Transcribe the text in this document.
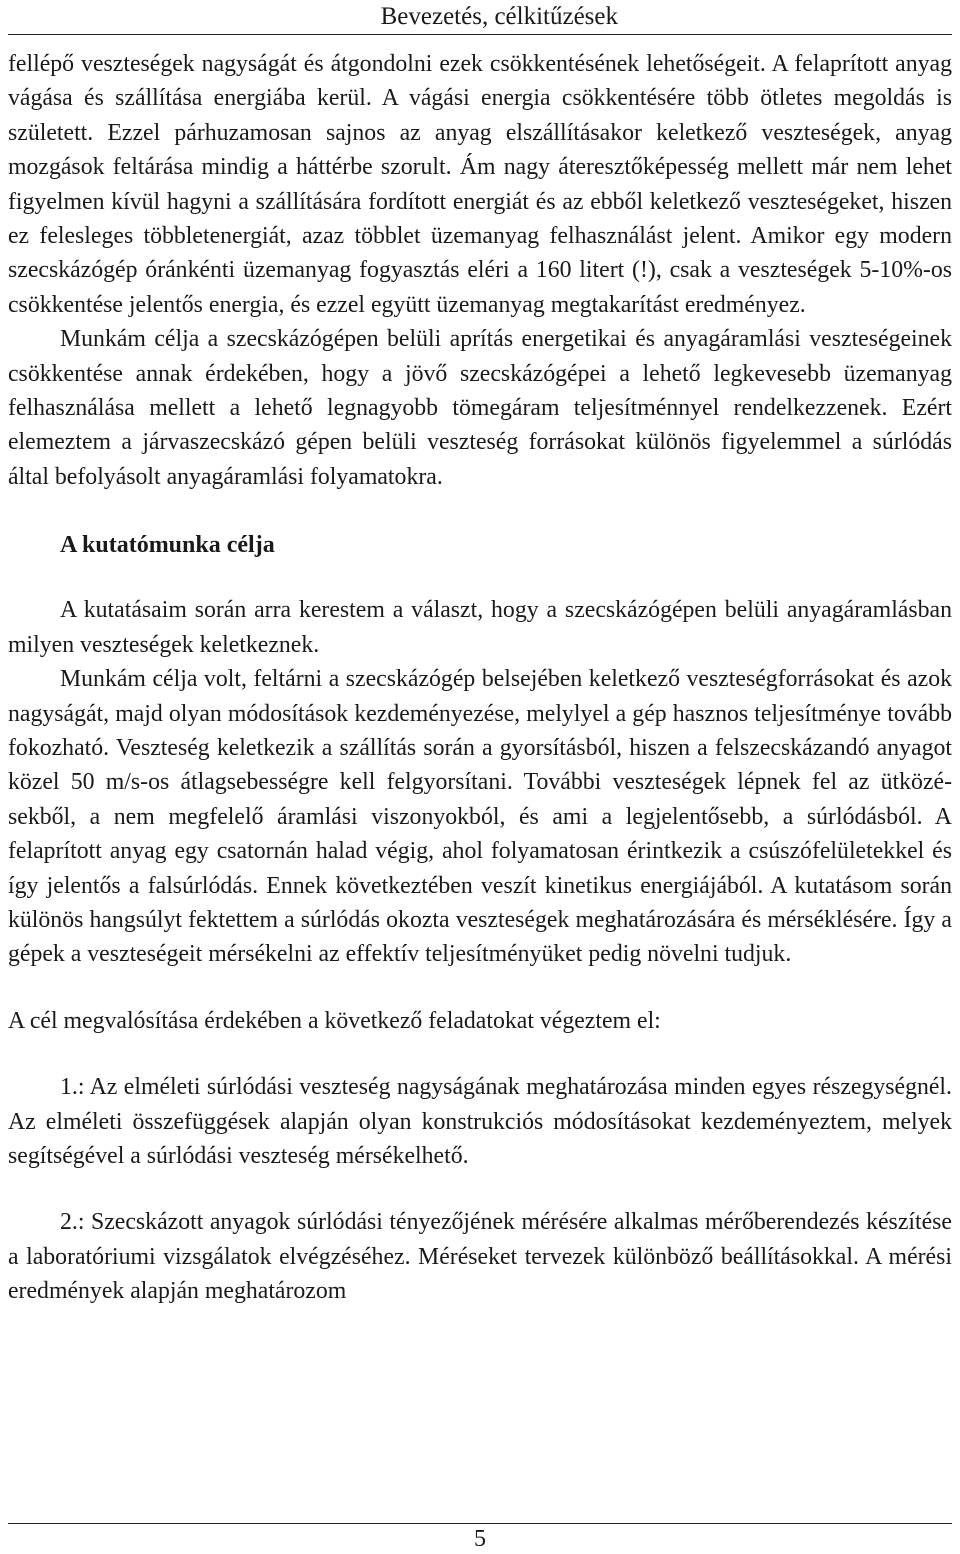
Bevezetés, célkitűzések

fellépő veszteségek nagyságát és átgondolni ezek csökkentésének lehetőségeit. A felaprított anyag vágása és szállítása energiába kerül. A vágási energia csökkentésére több ötletes megoldás is született. Ezzel párhuzamosan sajnos az anyag elszállításakor keletkező veszteségek, anyag mozgások feltárása mindig a háttérbe szorult. Ám nagy áteresztőképesség mellett már nem lehet figyelmen kívül hagyni a szállítására fordított energiát és az ebből keletkező veszteségeket, hiszen ez felesleges többletenergiát, azaz többlet üzemanyag felhasználást jelent. Amikor egy modern szecskázógép óránkénti üzemanyag fogyasztás eléri a 160 litert (!), csak a veszteségek 5-10%-os csökkentése jelentős energia, és ezzel együtt üzemanyag megtakarítást eredményez.

Munkám célja a szecskázógépen belüli aprítás energetikai és anyagáramlási veszteségeinek csökkentése annak érdekében, hogy a jövő szecskázógépei a lehető legkevesebb üzemanyag felhasználása mellett a lehető legnagyobb tömegáram teljesítménnyel rendelkezzenek. Ezért elemeztem a járvaszecskázó gépen belüli veszteség forrásokat különös figyelemmel a súrlódás által befolyásolt anyagáramlási folyamatokra.

A kutatómunka célja

A kutatásaim során arra kerestem a választ, hogy a szecskázógépen belüli anyagáramlásban milyen veszteségek keletkeznek.

Munkám célja volt, feltárni a szecskázógép belsejében keletkező veszteségforrásokat és azok nagyságát, majd olyan módosítások kezdeményezése, melylyel a gép hasznos teljesítménye tovább fokozható. Veszteség keletkezik a szállítás során a gyorsításból, hiszen a felszecskázandó anyagot közel 50 m/s-os átlagsebességre kell felgyorsítani. További veszteségek lépnek fel az ütközésekből, a nem megfelelő áramlási viszonyokból, és ami a legjelentősebb, a súrlódásból. A felaprított anyag egy csatornán halad végig, ahol folyamatosan érintkezik a csúszófelületekkel és így jelentős a falsúrlódás. Ennek következtében veszít kinetikus energiájából. A kutatásom során különös hangsúlyt fektettem a súrlódás okozta veszteségek meghatározására és mérséklésére. Így a gépek a veszteségeit mérsékelni az effektív teljesítményüket pedig növelni tudjuk.

A cél megvalósítása érdekében a következő feladatokat végeztem el:

1.: Az elméleti súrlódási veszteség nagyságának meghatározása minden egyes részegységnél. Az elméleti összefüggések alapján olyan konstrukciós módosításokat kezdeményeztem, melyek segítségével a súrlódási veszteség mérsékelhető.

2.: Szecskázott anyagok súrlódási tényezőjének mérésére alkalmas mérőberendezés készítése a laboratóriumi vizsgálatok elvégzéséhez. Méréseket tervezek különböző beállításokkal. A mérési eredmények alapján meghatározom

5
